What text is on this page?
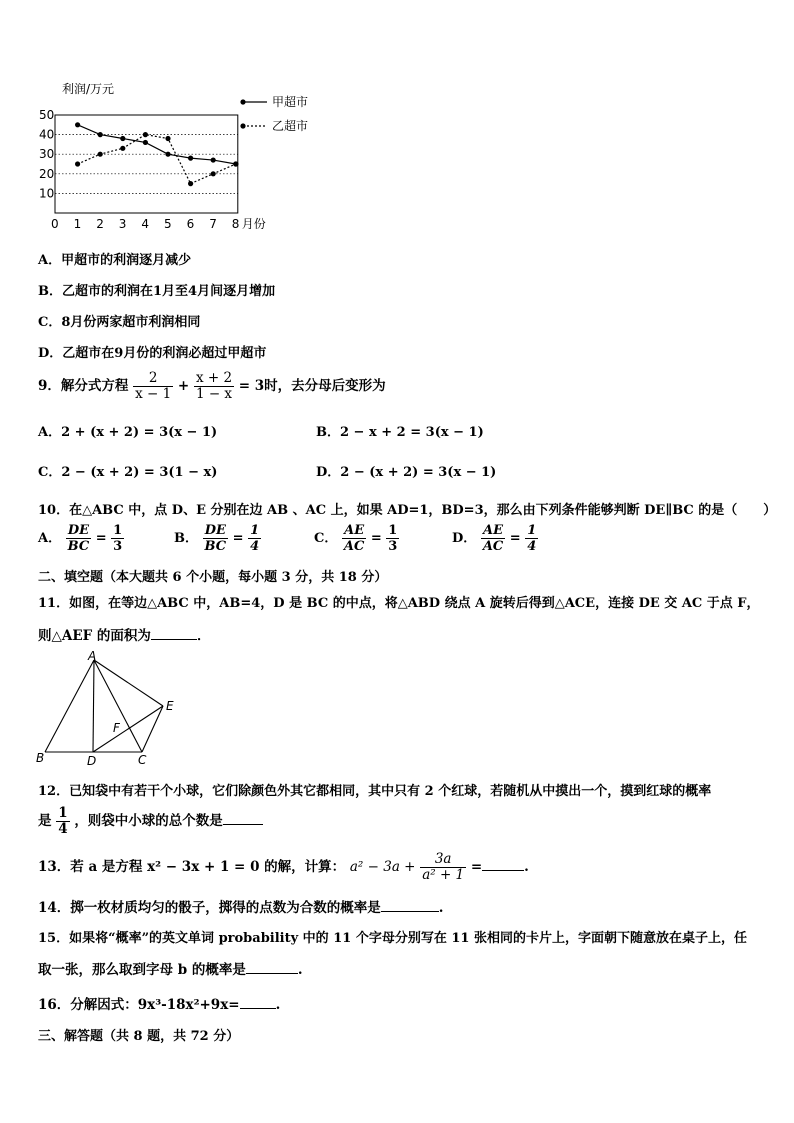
10
20
30
40
50
0 1 2 3 4 5 6 7 8
利润/万元
月份
甲超市
乙超市
A．甲超市的利润逐月减少
B．乙超市的利润在1月至4月间逐月增加
C．8月份两家超市利润相同
D．乙超市在9月份的利润必超过甲超市
9．解分式方程 $\frac{2}{x - 1} + \frac{x + 2}{1 - x} = 3$时，去分母后变形为
A．2 + (x + 2) = 3(x − 1)	B．2 − x + 2 = 3(x − 1)
C．2 − (x + 2) = 3(1 − x)	D．2 − (x + 2) = 3(x − 1)
10．在△ABC 中，点 D、E 分别在边 AB 、AC 上，如果 AD=1，BD=3，那么由下列条件能够判断 DE∥BC 的是（　　）
A． $\frac{DE}{BC} = \frac{1}{3}$	B． $\frac{DE}{BC} = \frac{1}{4}$	C． $\frac{AE}{AC} = \frac{1}{3}$	D． $\frac{AE}{AC} = \frac{1}{4}$
二、填空题（本大题共 6 个小题，每小题 3 分，共 18 分）
11．如图，在等边△ABC 中，AB=4，D 是 BC 的中点，将△ABD 绕点 A 旋转后得到△ACE，连接 DE 交 AC 于点 F，
则△AEF 的面积为	．
A
B	C
D
E
F
12．已知袋中有若干个小球，它们除颜色外其它都相同，其中只有 2 个红球，若随机从中摸出一个，摸到红球的概率
是 $\frac{1}{4}$ ，则袋中小球的总个数是
13．若 a 是方程 x² − 3x + 1 = 0 的解，计算： $a^2 - 3a + \frac{3a}{\text{a² + 1}}$ =	.
14．掷一枚材质均匀的骰子，掷得的点数为合数的概率是	.
15．如果将“概率”的英文单词 probability 中的 11 个字母分别写在 11 张相同的卡片上，字面朝下随意放在桌子上，任
取一张，那么取到字母 b 的概率是	.
16．分解因式：9x³-18x²+9x=	.
三、解答题（共 8 题，共 72 分）
